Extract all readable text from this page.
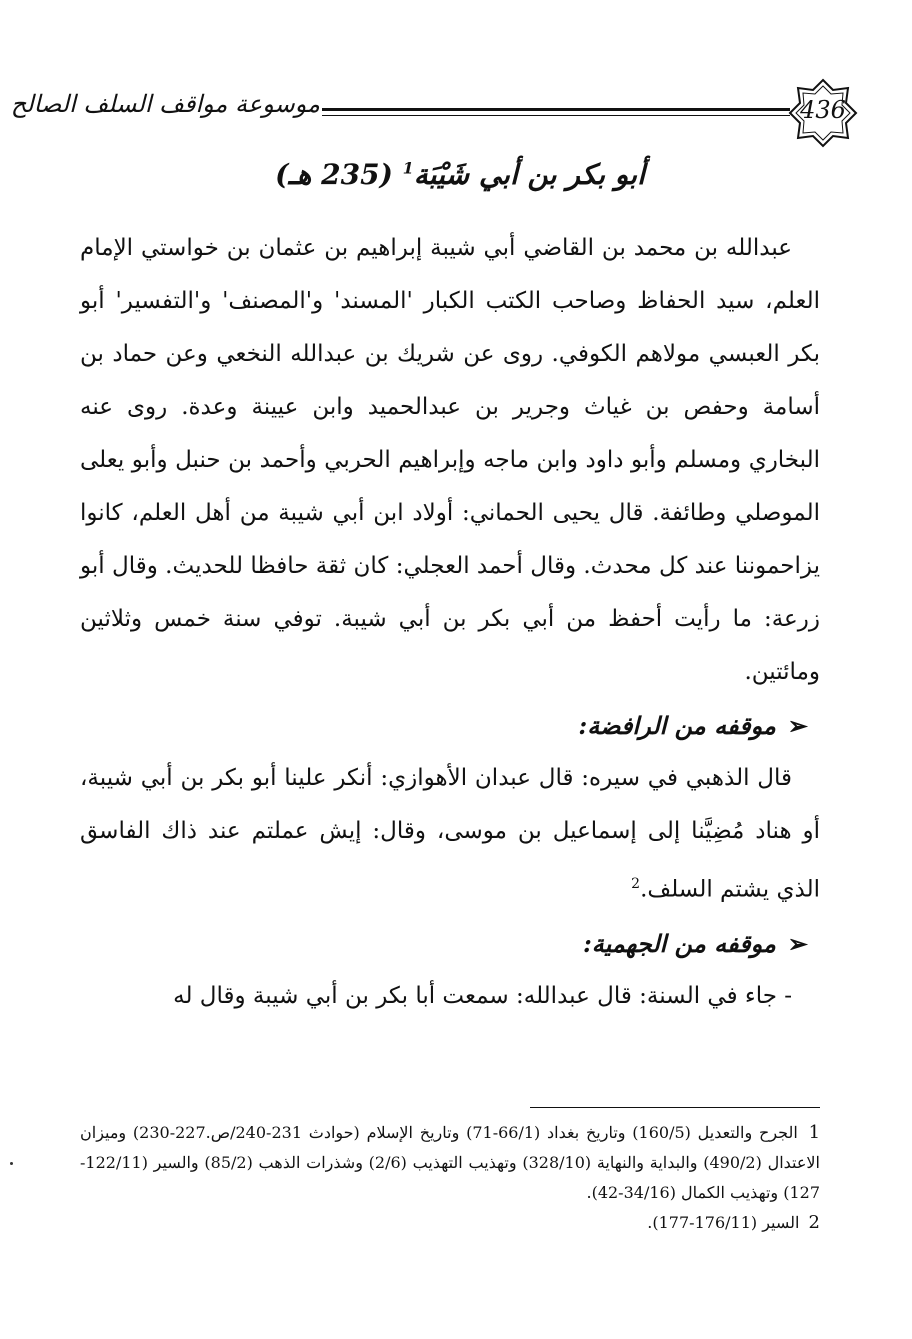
موسوعة مواقف السلف الصالح	436
أبو بكر بن أبي شَيْبَة$^1$ (235 هـ)

عبدالله بن محمد بن القاضي أبي شيبة إبراهيم بن عثمان بن خواستي الإمام العلم، سيد الحفاظ وصاحب الكتب الكبار 'المسند' و'المصنف' و'التفسير' أبو بكر العبسي مولاهم الكوفي. روى عن شريك بن عبدالله النخعي وعن حماد بن أسامة وحفص بن غياث وجرير بن عبدالحميد وابن عيينة وعدة. روى عنه البخاري ومسلم وأبو داود وابن ماجه وإبراهيم الحربي وأحمد بن حنبل وأبو يعلى الموصلي وطائفة. قال يحيى الحماني: أولاد ابن أبي شيبة من أهل العلم، كانوا يزاحموننا عند كل محدث. وقال أحمد العجلي: كان ثقة حافظا للحديث. وقال أبو زرعة: ما رأيت أحفظ من أبي بكر بن أبي شيبة. توفي سنة خمس وثلاثين ومائتين.

➢موقفه من الرافضة:

قال الذهبي في سيره: قال عبدان الأهوازي: أنكر علينا أبو بكر بن أبي شيبة، أو هناد مُضِيَّنا إلى إسماعيل بن موسى، وقال: إيش عملتم عند ذاك الفاسق الذي يشتم السلف.$^2$

➢موقفه من الجهمية:

- جاء في السنة: قال عبدالله: سمعت أبا بكر بن أبي شيبة وقال له

1 الجرح والتعديل (160/5) وتاريخ بغداد (66/1-71) وتاريخ الإسلام (حوادث 231-240/ص.227-230) وميزان الاعتدال (490/2) والبداية والنهاية (328/10) وتهذيب التهذيب (2/6) وشذرات الذهب (85/2) والسير (122/11-127) وتهذيب الكمال (34/16-42).

2 السير (176/11-177).
